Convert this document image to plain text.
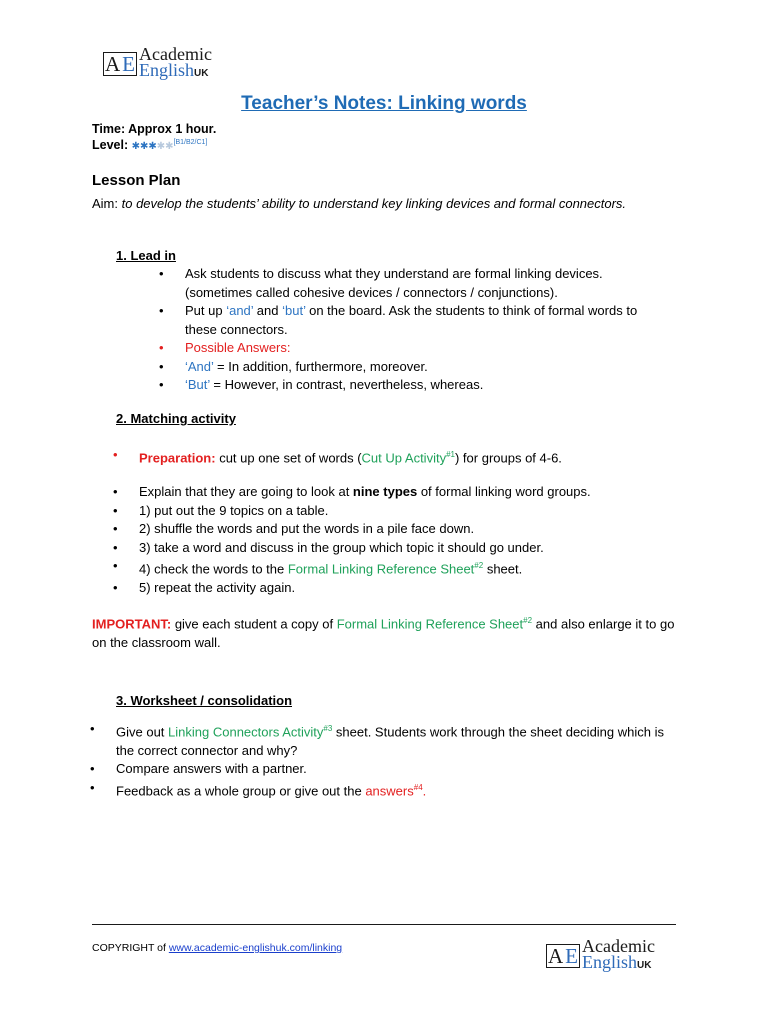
A E Academic
EnglishUK
Teacher’s Notes: Linking words
Time: Approx 1 hour.
Level: ✱✱✱✱✱[B1/B2/C1]
Lesson Plan
Aim: to develop the students’ ability to understand key linking devices and formal connectors.
1. Lead in
• Ask students to discuss what they understand are formal linking devices. (sometimes called cohesive devices / connectors / conjunctions).
• Put up ‘and’ and ‘but’ on the board. Ask the students to think of formal words to these connectors.
• Possible Answers:
• ‘And’ = In addition, furthermore, moreover.
• ‘But’ = However, in contrast, nevertheless, whereas.
2. Matching activity
• Preparation: cut up one set of words (Cut Up Activity$^{\#1}$) for groups of 4-6.
• Explain that they are going to look at nine types of formal linking word groups.
• 1) put out the 9 topics on a table.
• 2) shuffle the words and put the words in a pile face down.
• 3) take a word and discuss in the group which topic it should go under.
• 4) check the words to the Formal Linking Reference Sheet$^{\#2}$ sheet.
• 5) repeat the activity again.
IMPORTANT: give each student a copy of Formal Linking Reference Sheet$^{\#2}$ and also enlarge it to go on the classroom wall.
3. Worksheet / consolidation
• Give out Linking Connectors Activity$^{\#3}$ sheet. Students work through the sheet deciding which is the correct connector and why?
• Compare answers with a partner.
• Feedback as a whole group or give out the answers$^{\#4}$.
COPYRIGHT of www.academic-englishuk.com/linking	A E Academic
EnglishUK
